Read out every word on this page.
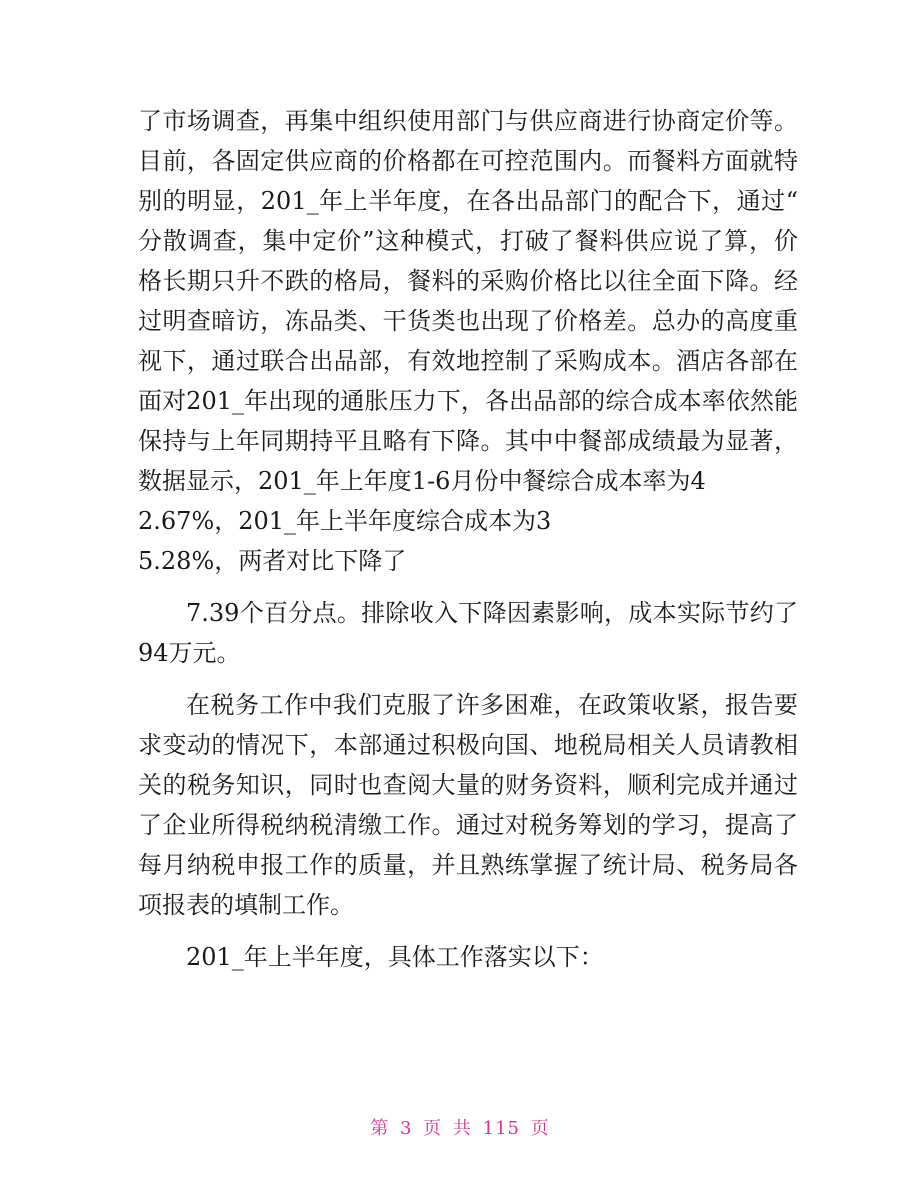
了市场调查，再集中组织使用部门与供应商进行协商定价等。

目前，各固定供应商的价格都在可控范围内。而餐料方面就特

别的明显，201_年上半年度，在各出品部门的配合下，通过“

分散调查，集中定价”这种模式，打破了餐料供应说了算，价

格长期只升不跌的格局，餐料的采购价格比以往全面下降。经

过明查暗访，冻品类、干货类也出现了价格差。总办的高度重

视下，通过联合出品部，有效地控制了采购成本。酒店各部在

面对201_年出现的通胀压力下，各出品部的综合成本率依然能

保持与上年同期持平且略有下降。其中中餐部成绩最为显著，

数据显示，201_年上年度1-6月份中餐综合成本率为4

2.67%，201_年上半年度综合成本为3

5.28%，两者对比下降了

7.39个百分点。排除收入下降因素影响，成本实际节约了

94万元。

在税务工作中我们克服了许多困难，在政策收紧，报告要

求变动的情况下，本部通过积极向国、地税局相关人员请教相

关的税务知识，同时也查阅大量的财务资料，顺利完成并通过

了企业所得税纳税清缴工作。通过对税务筹划的学习，提高了

每月纳税申报工作的质量，并且熟练掌握了统计局、税务局各

项报表的填制工作。

201_年上半年度，具体工作落实以下：

第 3 页 共 115 页
